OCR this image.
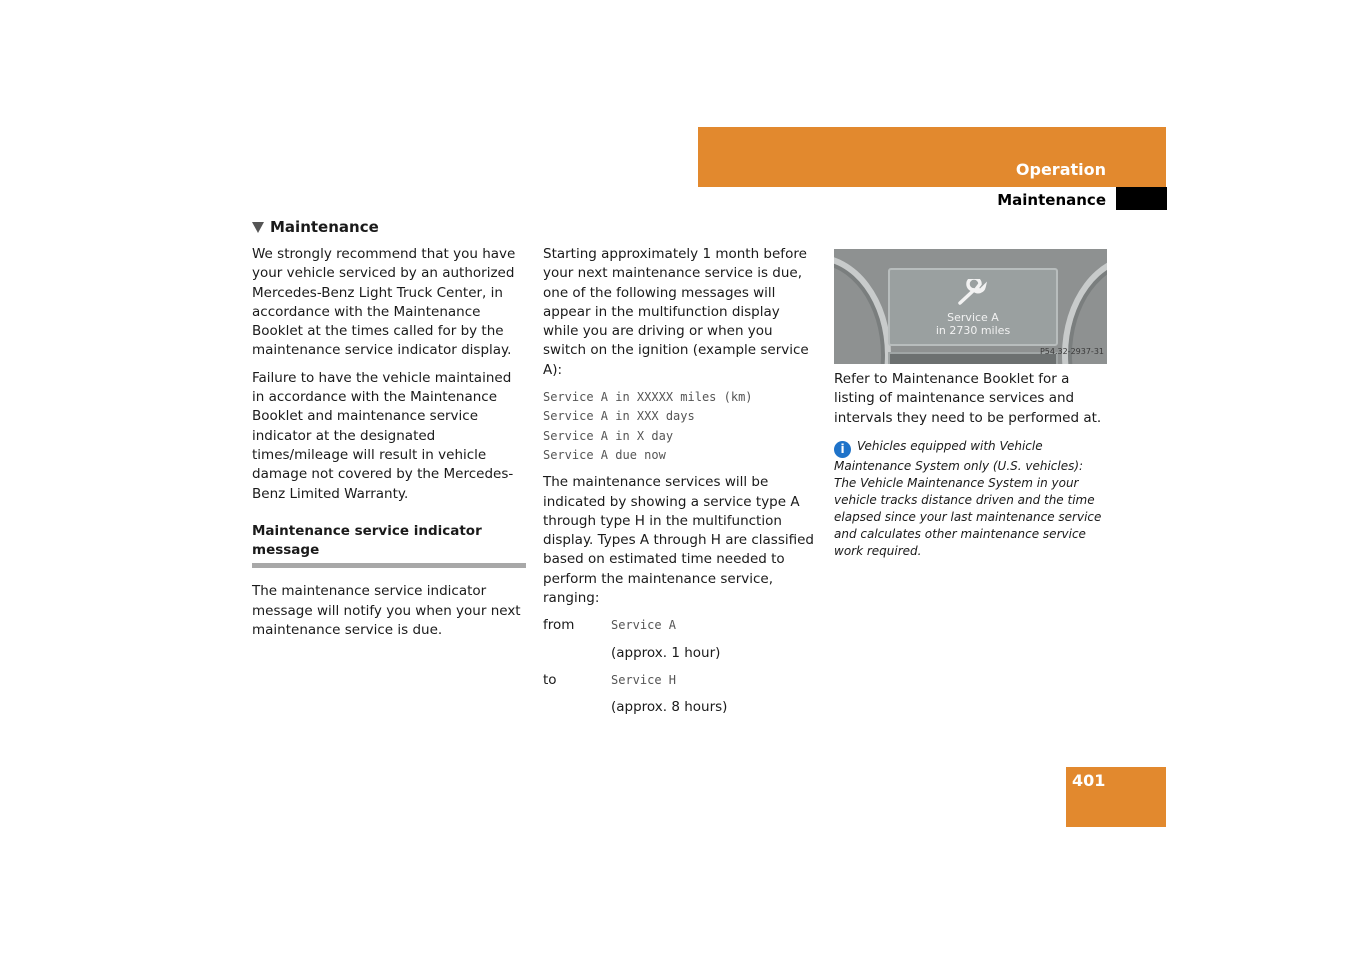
Operation
Maintenance
Maintenance

We strongly recommend that you have your vehicle serviced by an authorized Mercedes-Benz Light Truck Center, in accordance with the Maintenance Booklet at the times called for by the maintenance service indicator display.

Failure to have the vehicle maintained in accordance with the Maintenance Booklet and maintenance service indicator at the designated times/mileage will result in vehicle damage not covered by the Mercedes-Benz Limited Warranty.

Maintenance service indicator message

The maintenance service indicator message will notify you when your next maintenance service is due.

Starting approximately 1 month before your next maintenance service is due, one of the following messages will appear in the multifunction display while you are driving or when you switch on the ignition (example service A):

Service A in XXXXX miles (km)
Service A in XXX days
Service A in X day
Service A due now

The maintenance services will be indicated by showing a service type A through type H in the multifunction display. Types A through H are classified based on estimated time needed to perform the maintenance service, ranging:

from	Service A
(approx. 1 hour)
to	Service H
(approx. 8 hours)
Service A
in 2730 miles
P54.32-2937-31

Refer to Maintenance Booklet for a listing of maintenance services and intervals they need to be performed at.

i Vehicles equipped with Vehicle Maintenance System only (U.S. vehicles):
The Vehicle Maintenance System in your vehicle tracks distance driven and the time elapsed since your last maintenance service and calculates other maintenance service work required.
401
